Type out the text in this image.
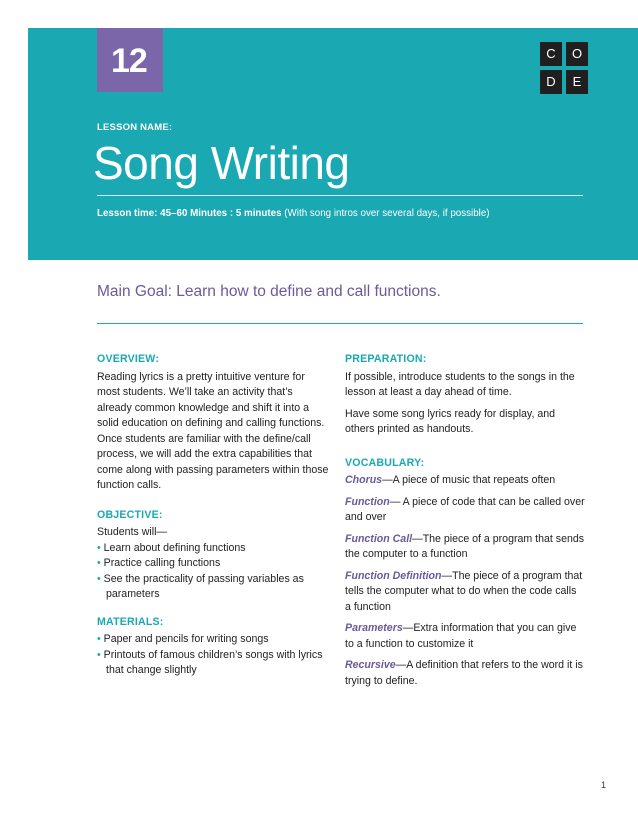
12	C	O
D	E
LESSON NAME:
Song Writing
Lesson time: 45–60 Minutes : 5 minutes (With song intros over several days, if possible)
Main Goal: Learn how to define and call functions.
OVERVIEW:
Reading lyrics is a pretty intuitive venture for most students. We’ll take an activity that’s already common knowledge and shift it into a solid education on defining and calling functions. Once students are familiar with the define/call process, we will add the extra capabilities that come along with passing parameters within those function calls.
OBJECTIVE:
Students will—
• Learn about defining functions
• Practice calling functions
• See the practicality of passing variables as parameters
MATERIALS:
• Paper and pencils for writing songs
• Printouts of famous children’s songs with lyrics that change slightly
PREPARATION:
If possible, introduce students to the songs in the lesson at least a day ahead of time.
Have some song lyrics ready for display, and others printed as handouts.
VOCABULARY:
Chorus—A piece of music that repeats often
Function— A piece of code that can be called over and over
Function Call—The piece of a program that sends the computer to a function
Function Definition—The piece of a program that tells the computer what to do when the code calls a function
Parameters—Extra information that you can give to a function to customize it
Recursive—A definition that refers to the word it is trying to define.
1
